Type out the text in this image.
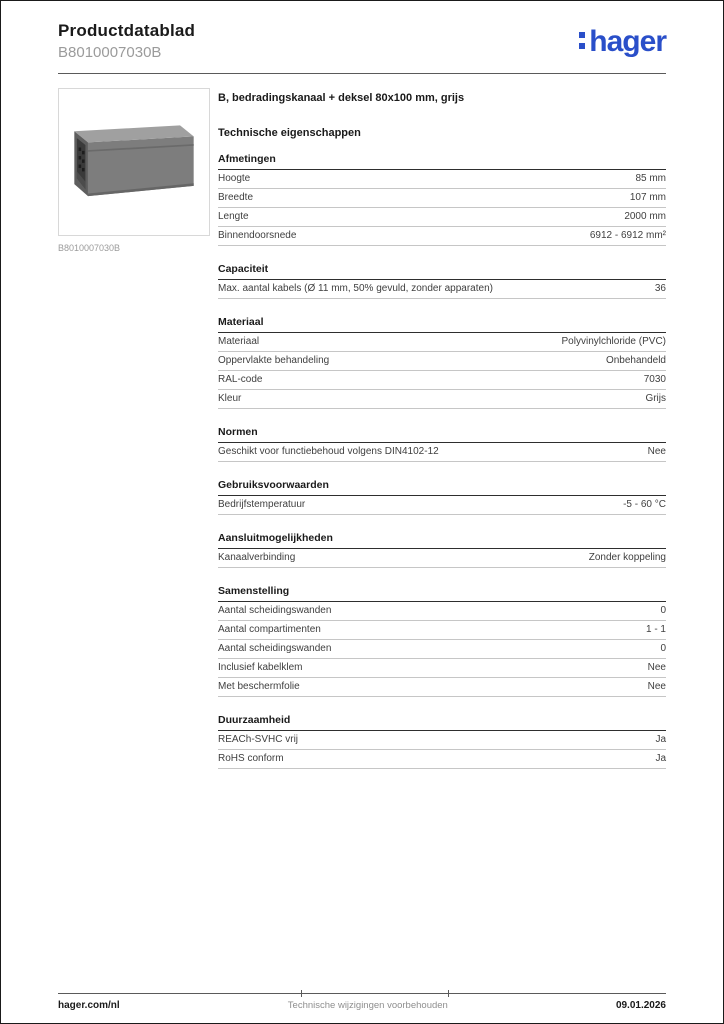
Productdatablad
B8010007030B	hager
B8010007030B
B, bedradingskanaal + deksel 80x100 mm, grijs
Technische eigenschappen
Afmetingen
Hoogte	85 mm
Breedte	107 mm
Lengte	2000 mm
Binnendoorsnede	6912 - 6912 mm²
Capaciteit
Max. aantal kabels (Ø 11 mm, 50% gevuld, zonder apparaten)	36
Materiaal
Materiaal	Polyvinylchloride (PVC)
Oppervlakte behandeling	Onbehandeld
RAL-code	7030
Kleur	Grijs
Normen
Geschikt voor functiebehoud volgens DIN4102-12	Nee
Gebruiksvoorwaarden
Bedrijfstemperatuur	-5 - 60 °C
Aansluitmogelijkheden
Kanaalverbinding	Zonder koppeling
Samenstelling
Aantal scheidingswanden	0
Aantal compartimenten	1 - 1
Aantal scheidingswanden	0
Inclusief kabelklem	Nee
Met beschermfolie	Nee
Duurzaamheid
REACh-SVHC vrij	Ja
RoHS conform	Ja
hager.com/nl	Technische wijzigingen voorbehouden	09.01.2026
